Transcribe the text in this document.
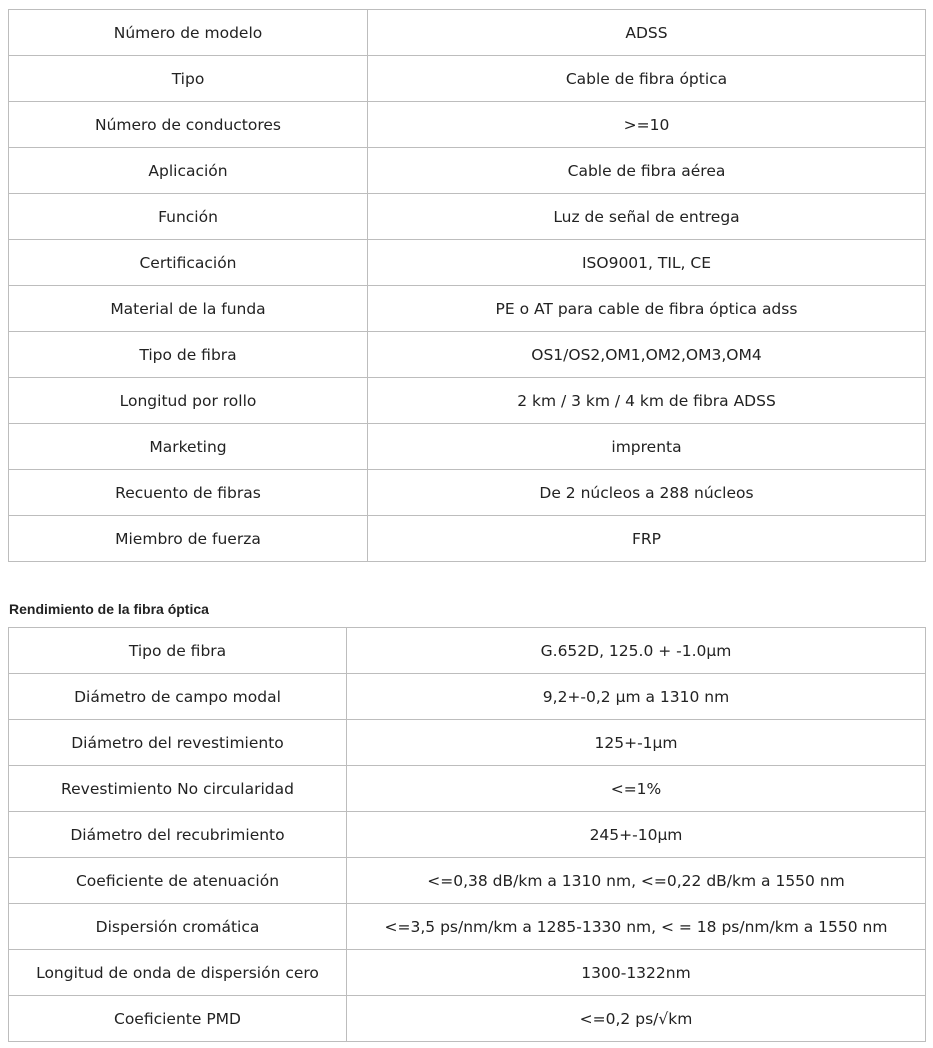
Número de modelo	ADSS
Tipo	Cable de fibra óptica
Número de conductores	>=10
Aplicación	Cable de fibra aérea
Función	Luz de señal de entrega
Certificación	ISO9001, TIL, CE
Material de la funda	PE o AT para cable de fibra óptica adss
Tipo de fibra	OS1/OS2,OM1,OM2,OM3,OM4
Longitud por rollo	2 km / 3 km / 4 km de fibra ADSS
Marketing	imprenta
Recuento de fibras	De 2 núcleos a 288 núcleos
Miembro de fuerza	FRP
Rendimiento de la fibra óptica
Tipo de fibra	G.652D, 125.0 + -1.0μm
Diámetro de campo modal	9,2+-0,2 μm a 1310 nm
Diámetro del revestimiento	125+-1μm
Revestimiento No circularidad	<=1%
Diámetro del recubrimiento	245+-10μm
Coeficiente de atenuación	<=0,38 dB/km a 1310 nm, <=0,22 dB/km a 1550 nm
Dispersión cromática	<=3,5 ps/nm/km a 1285-1330 nm, < = 18 ps/nm/km a 1550 nm
Longitud de onda de dispersión cero	1300-1322nm
Coeficiente PMD	<=0,2 ps/√km
